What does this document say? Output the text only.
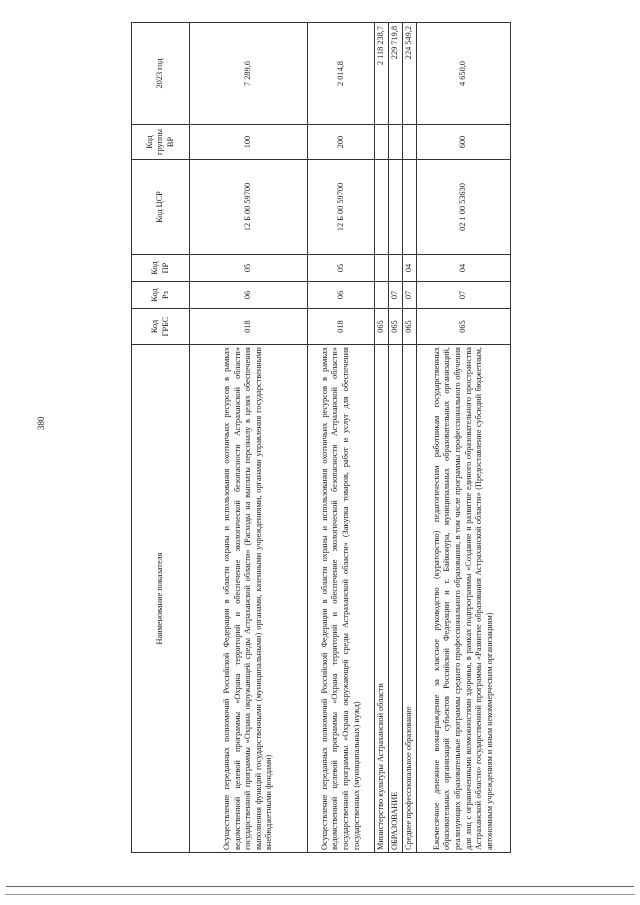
380
Наименование показателя	Код ГРБС	Код Рз	Код ПР	Код ЦСР	Код группы ВР	2023 год
Осуществление переданных полномочий Российской Федерации в области охраны и использования охотничьих ресурсов в рамках ведомственной целевой программы «Охрана территорий и обеспечение экологической безопасности Астраханской области» государственной программы «Охрана окружающей среды Астраханской области» (Расходы на выплаты персоналу в целях обеспечения выполнения функций государственными (муниципальными) органами, казенными учреждениями, органами управления государственными внебюджетными фондами)	018	06	05	12 Б 00 59700	100	7 289,6
Осуществление переданных полномочий Российской Федерации в области охраны и использования охотничьих ресурсов в рамках ведомственной целевой программы «Охрана территорий и обеспечение экологической безопасности Астраханской области» государственной программы «Охрана окружающей среды Астраханской области» (Закупка товаров, работ и услуг для обеспечения государственных (муниципальных) нужд)	018	06	05	12 Б 00 59700	200	2 014,8
Министерство культуры Астраханской области	065					2 118 238,7
ОБРАЗОВАНИЕ	065	07				229 719,8
Среднее профессиональное образование	065	07	04			224 549,2
Ежемесячное денежное вознаграждение за классное руководство (кураторство) педагогическим работникам государственных образовательных организаций субъектов Российской Федерации и г. Байконура, муниципальных образовательных организаций, реализующих образовательные программы среднего профессионального образования, в том числе программы профессионального обучения для лиц с ограниченными возможностями здоровья, в рамках подпрограммы «Создание и развитие единого образовательного пространства Астраханской области» государственной программы «Развитие образования Астраханской области» (Предоставление субсидий бюджетным, автономным учреждениям и иным некоммерческим организациям)	065	07	04	02 1 00 53630	600	4 650,0
